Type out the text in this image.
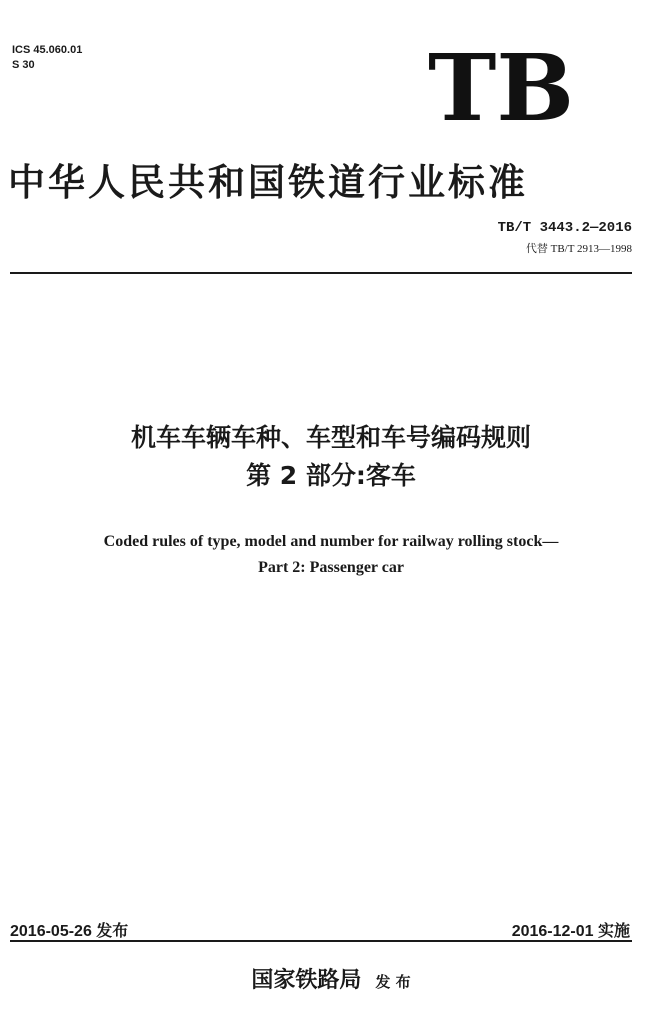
ICS 45.060.01
S 30	TB
中华人民共和国铁道行业标准
TB/T 3443.2—2016
代替 TB/T 2913—1998
机车车辆车种、车型和车号编码规则
第 2 部分:客车
Coded rules of type, model and number for railway rolling stock—
Part 2: Passenger car
2016-05-26 发布	2016-12-01 实施
国家铁路局 发 布
